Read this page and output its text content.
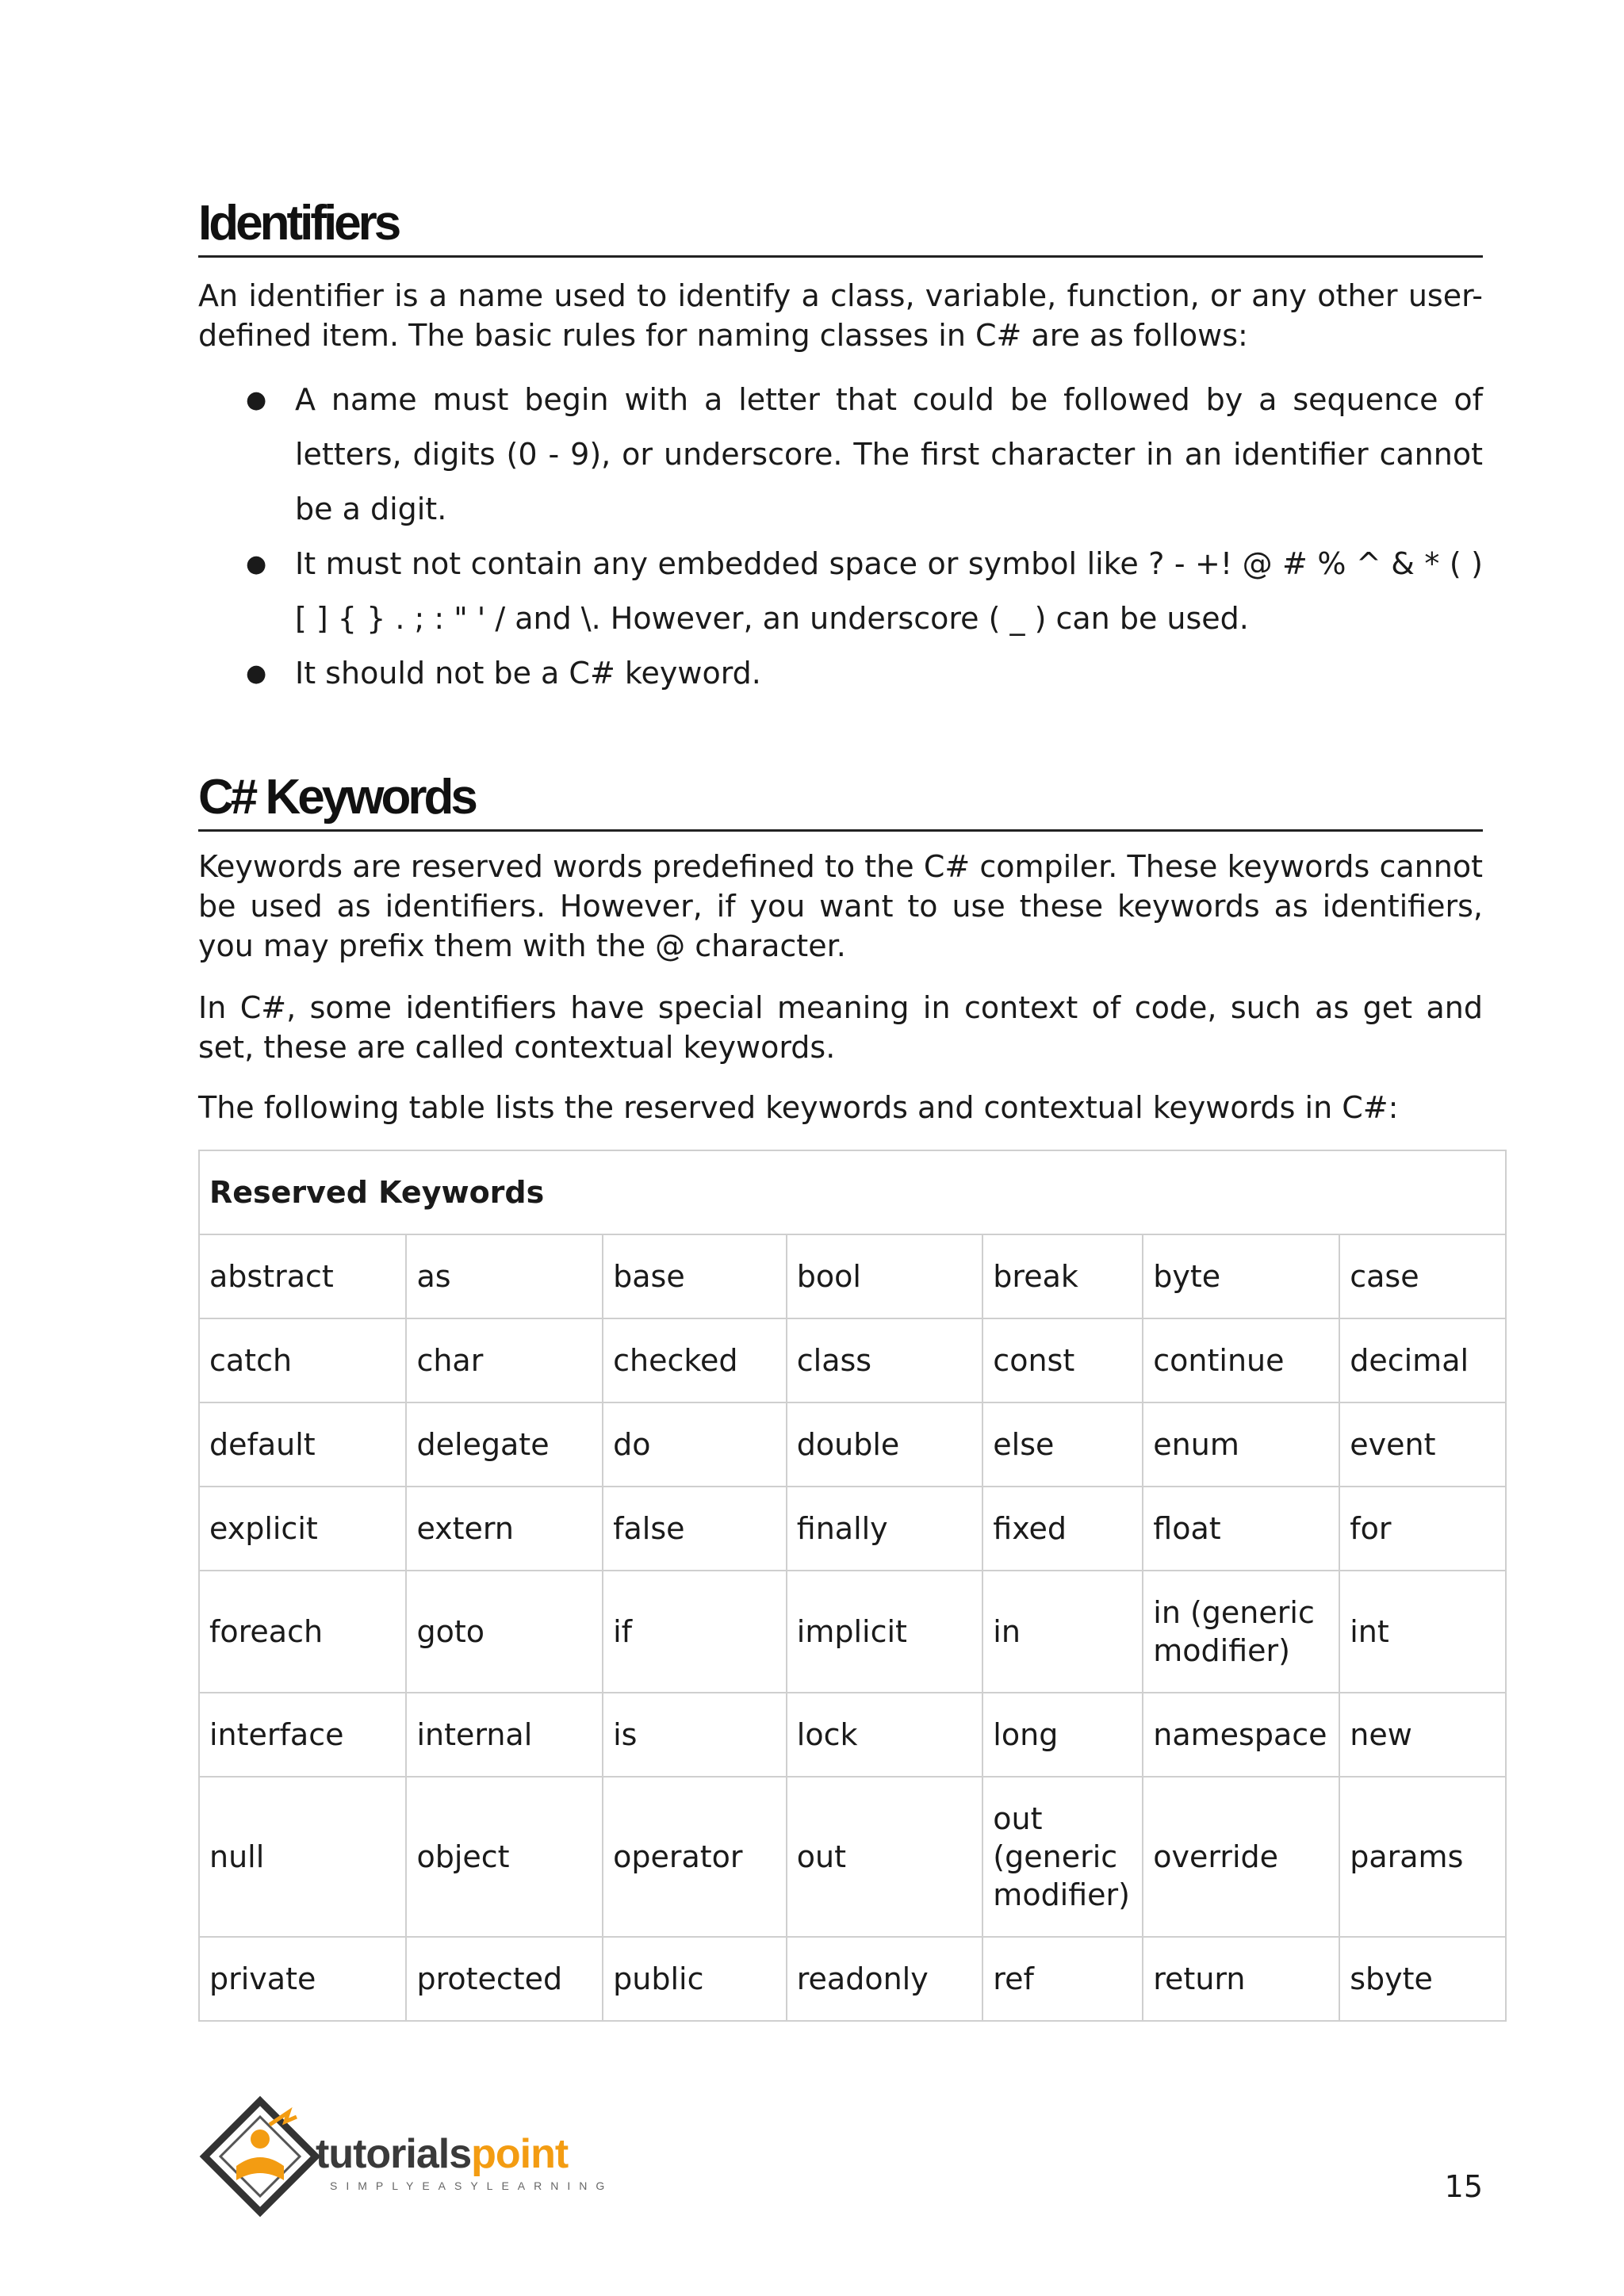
Identifiers

An identifier is a name used to identify a class, variable, function, or any other user-defined item. The basic rules for naming classes in C# are as follows:

● A name must begin with a letter that could be followed by a sequence of letters, digits (0 - 9), or underscore. The first character in an identifier cannot be a digit.
● It must not contain any embedded space or symbol like ? - +! @ # % ^ & * ( ) [ ] { } . ; : " ' / and \. However, an underscore ( _ ) can be used.
● It should not be a C# keyword.
C# Keywords

Keywords are reserved words predefined to the C# compiler. These keywords cannot be used as identifiers. However, if you want to use these keywords as identifiers, you may prefix them with the @ character.

In C#, some identifiers have special meaning in context of code, such as get and set, these are called contextual keywords.

The following table lists the reserved keywords and contextual keywords in C#:

Reserved Keywords						
abstract	as	base	bool	break	byte	case
catch	char	checked	class	const	continue	decimal
default	delegate	do	double	else	enum	event
explicit	extern	false	finally	fixed	float	for
foreach	goto	if	implicit	in	in (generic modifier)	int
interface	internal	is	lock	long	namespace	new
null	object	operator	out	out (generic modifier)	override	params
private	protected	public	readonly	ref	return	sbyte
tutorialspoint
SIMPLYEASYLEARNING	15
